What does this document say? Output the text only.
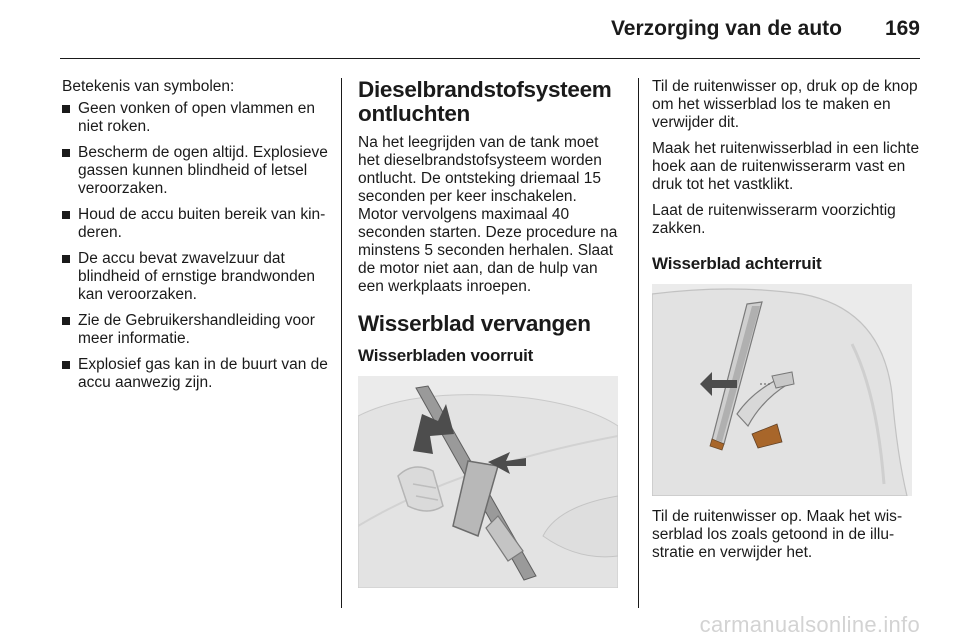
Verzorging van de auto 169

Betekenis van symbolen:

Geen vonken of open vlammen en niet roken.
Bescherm de ogen altijd. Explosieve gassen kunnen blindheid of letsel veroorzaken.
Houd de accu buiten bereik van kinderen.
De accu bevat zwavelzuur dat blindheid of ernstige brandwonden kan veroorzaken.
Zie de Gebruikershandleiding voor meer informatie.
Explosief gas kan in de buurt van de accu aanwezig zijn.
Dieselbrandstofsysteem ontluchten

Na het leegrijden van de tank moet het dieselbrandstofsysteem worden ontlucht. De ontsteking driemaal 15 seconden per keer inschakelen. Motor vervolgens maximaal 40 seconden starten. Deze procedure na minstens 5 seconden herhalen. Slaat de motor niet aan, dan de hulp van een werkplaats inroepen.

Wisserblad vervangen
Wisserbladen voorruit

Til de ruitenwisser op, druk op de knop om het wisserblad los te maken en verwijder dit.

Maak het ruitenwisserblad in een lichte hoek aan de ruitenwisserarm vast en druk tot het vastklikt.

Laat de ruitenwisserarm voorzichtig zakken.

Wisserblad achterruit

Til de ruitenwisser op. Maak het wisserblad los zoals getoond in de illustratie en verwijder het.

carmanualsonline.info
